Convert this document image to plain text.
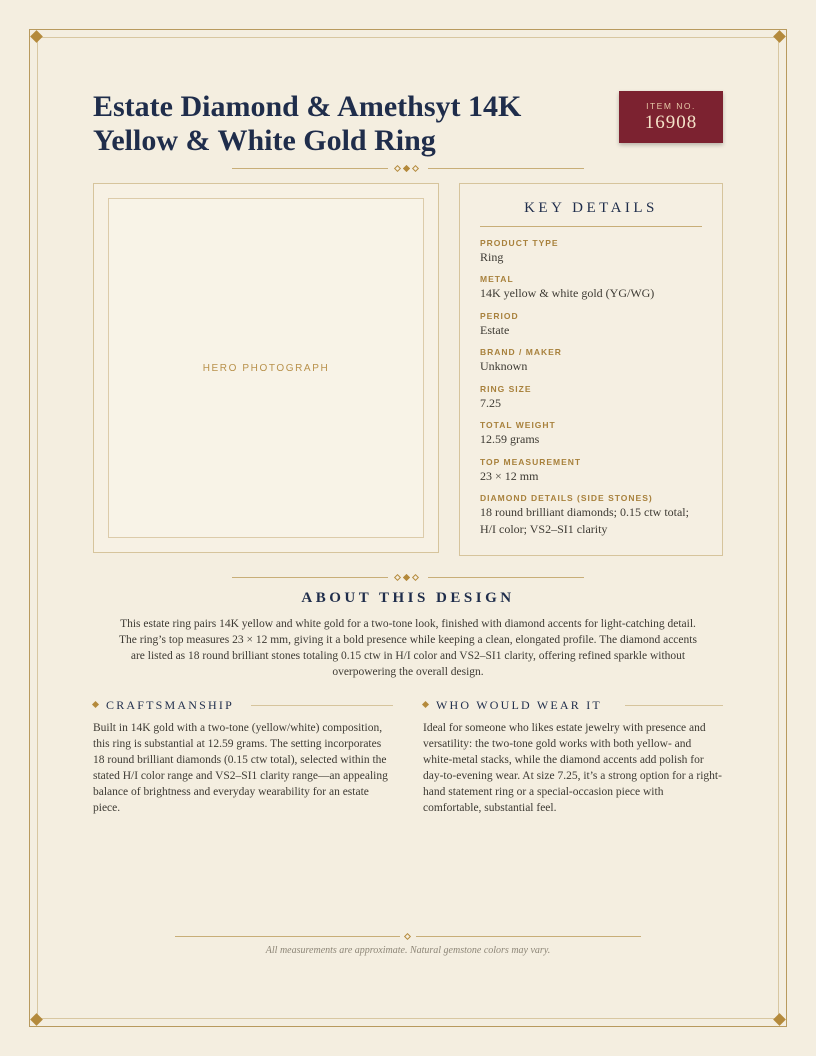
Estate Diamond & Amethsyt 14K Yellow & White Gold Ring
ITEM NO.
16908
HERO PHOTOGRAPH
KEY DETAILS
PRODUCT TYPE
Ring
METAL
14K yellow & white gold (YG/WG)
PERIOD
Estate
BRAND / MAKER
Unknown
RING SIZE
7.25
TOTAL WEIGHT
12.59 grams
TOP MEASUREMENT
23 × 12 mm
DIAMOND DETAILS (SIDE STONES)
18 round brilliant diamonds; 0.15 ctw total; H/I color; VS2–SI1 clarity
ABOUT THIS DESIGN

This estate ring pairs 14K yellow and white gold for a two-tone look, finished with diamond accents for light-catching detail. The ring’s top measures 23 × 12 mm, giving it a bold presence while keeping a clean, elongated profile. The diamond accents are listed as 18 round brilliant stones totaling 0.15 ctw in H/I color and VS2–SI1 clarity, offering refined sparkle without overpowering the overall design.

CRAFTSMANSHIP

Built in 14K gold with a two-tone (yellow/white) composition, this ring is substantial at 12.59 grams. The setting incorporates 18 round brilliant diamonds (0.15 ctw total), selected within the stated H/I color range and VS2–SI1 clarity range—an appealing balance of brightness and everyday wearability for an estate piece.

WHO WOULD WEAR IT

Ideal for someone who likes estate jewelry with presence and versatility: the two-tone gold works with both yellow- and white-metal stacks, while the diamond accents add polish for day-to-evening wear. At size 7.25, it’s a strong option for a right-hand statement ring or a special-occasion piece with comfortable, substantial feel.

All measurements are approximate. Natural gemstone colors may vary.
